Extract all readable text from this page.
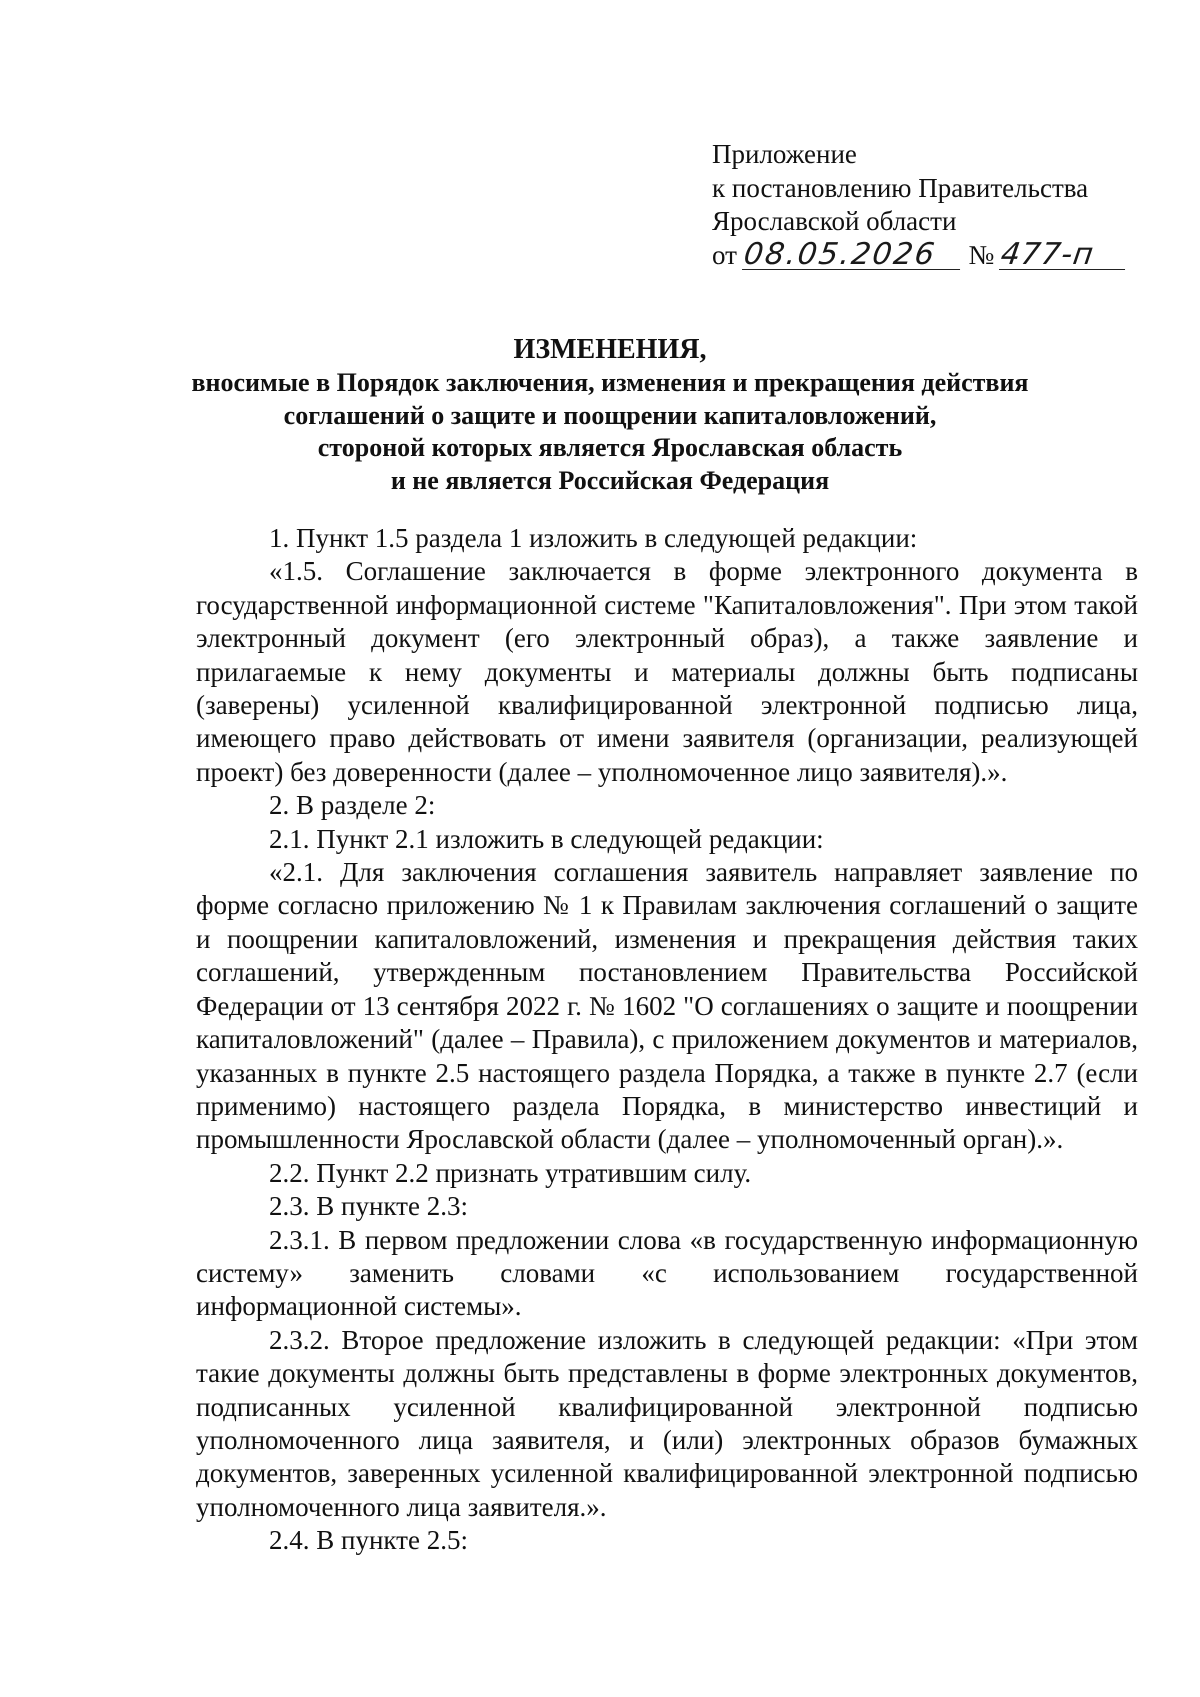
Приложение
к постановлению Правительства
Ярославской области
от 08.05.2026 № 477-п
ИЗМЕНЕНИЯ,
вносимые в Порядок заключения, изменения и прекращения действия
соглашений о защите и поощрении капиталовложений,
стороной которых является Ярославская область
и не является Российская Федерация

1. Пункт 1.5 раздела 1 изложить в следующей редакции:

«1.5. Соглашение заключается в форме электронного документа в государственной информационной системе "Капиталовложения". При этом такой электронный документ (его электронный образ), а также заявление и прилагаемые к нему документы и материалы должны быть подписаны (заверены) усиленной квалифицированной электронной подписью лица, имеющего право действовать от имени заявителя (организации, реализующей проект) без доверенности (далее – уполномоченное лицо заявителя).».

2. В разделе 2:

2.1. Пункт 2.1 изложить в следующей редакции:

«2.1. Для заключения соглашения заявитель направляет заявление по форме согласно приложению № 1 к Правилам заключения соглашений о защите и поощрении капиталовложений, изменения и прекращения действия таких соглашений, утвержденным постановлением Правительства Российской Федерации от 13 сентября 2022 г. № 1602 "О соглашениях о защите и поощрении капиталовложений" (далее – Правила), с приложением документов и материалов, указанных в пункте 2.5 настоящего раздела Порядка, а также в пункте 2.7 (если применимо) настоящего раздела Порядка, в министерство инвестиций и промышленности Ярославской области (далее – уполномоченный орган).».

2.2. Пункт 2.2 признать утратившим силу.

2.3. В пункте 2.3:

2.3.1. В первом предложении слова «в государственную информационную систему» заменить словами «с использованием государственной информационной системы».

2.3.2. Второе предложение изложить в следующей редакции: «При этом такие документы должны быть представлены в форме электронных документов, подписанных усиленной квалифицированной электронной подписью уполномоченного лица заявителя, и (или) электронных образов бумажных документов, заверенных усиленной квалифицированной электронной подписью уполномоченного лица заявителя.».

2.4. В пункте 2.5:
